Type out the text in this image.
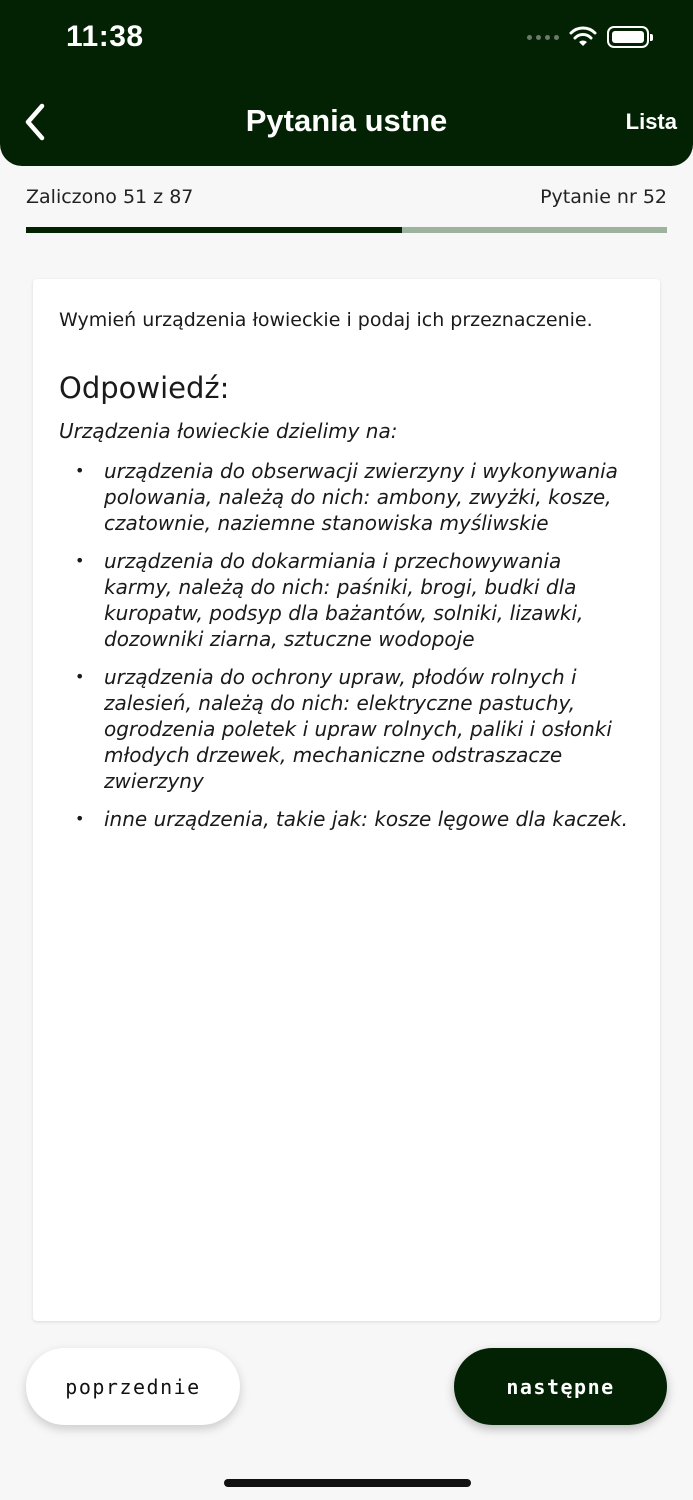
11:38
Pytania ustne	Lista
Zaliczono 51 z 87	Pytanie nr 52
Wymień urządzenia łowieckie i podaj ich przeznaczenie.
Odpowiedź:
Urządzenia łowieckie dzielimy na:
• urządzenia do obserwacji zwierzyny i wykonywania polowania, należą do nich: ambony, zwyżki, kosze, czatownie, naziemne stanowiska myśliwskie
• urządzenia do dokarmiania i przechowywania karmy, należą do nich: paśniki, brogi, budki dla kuropatw, podsyp dla bażantów, solniki, lizawki, dozowniki ziarna, sztuczne wodopoje
• urządzenia do ochrony upraw, płodów rolnych i zalesień, należą do nich: elektryczne pastuchy, ogrodzenia poletek i upraw rolnych, paliki i osłonki młodych drzewek, mechaniczne odstraszacze zwierzyny
• inne urządzenia, takie jak: kosze lęgowe dla kaczek.
poprzednie	następne
